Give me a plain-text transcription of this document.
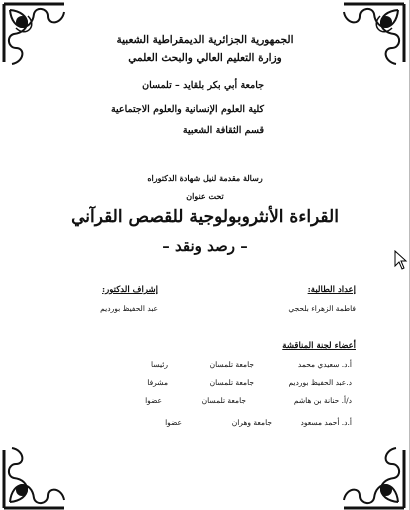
الجمهورية الجزائرية الديمقراطية الشعبية
وزارة التعليم العالي والبحث العلمي
جامعة أبي بكر بلقايد – تلمسان
كلية العلوم الإنسانية والعلوم الاجتماعية
قسم الثقافة الشعبية
رسالة مقدمة لنيل شهادة الدكتوراه
تحت عنوان
القراءة الأنثروبولوجية للقصص القرآني
– رصد ونقد –
إعداد الطالبة:
فاطمة الزهراء بلحجي
إشراف الدكتور:
عبد الحفيظ بورديم
أعضاء لجنة المناقشة
أ.د. سعيدي محمد
جامعة تلمسان
رئيسا
د.عبد الحفيظ بورديم
جامعة تلمسان
مشرفا
د/أ. حنانة بن هاشم
جامعة تلمسان
عضوا
أ.د. أحمد مسعود
جامعة وهران
عضوا
